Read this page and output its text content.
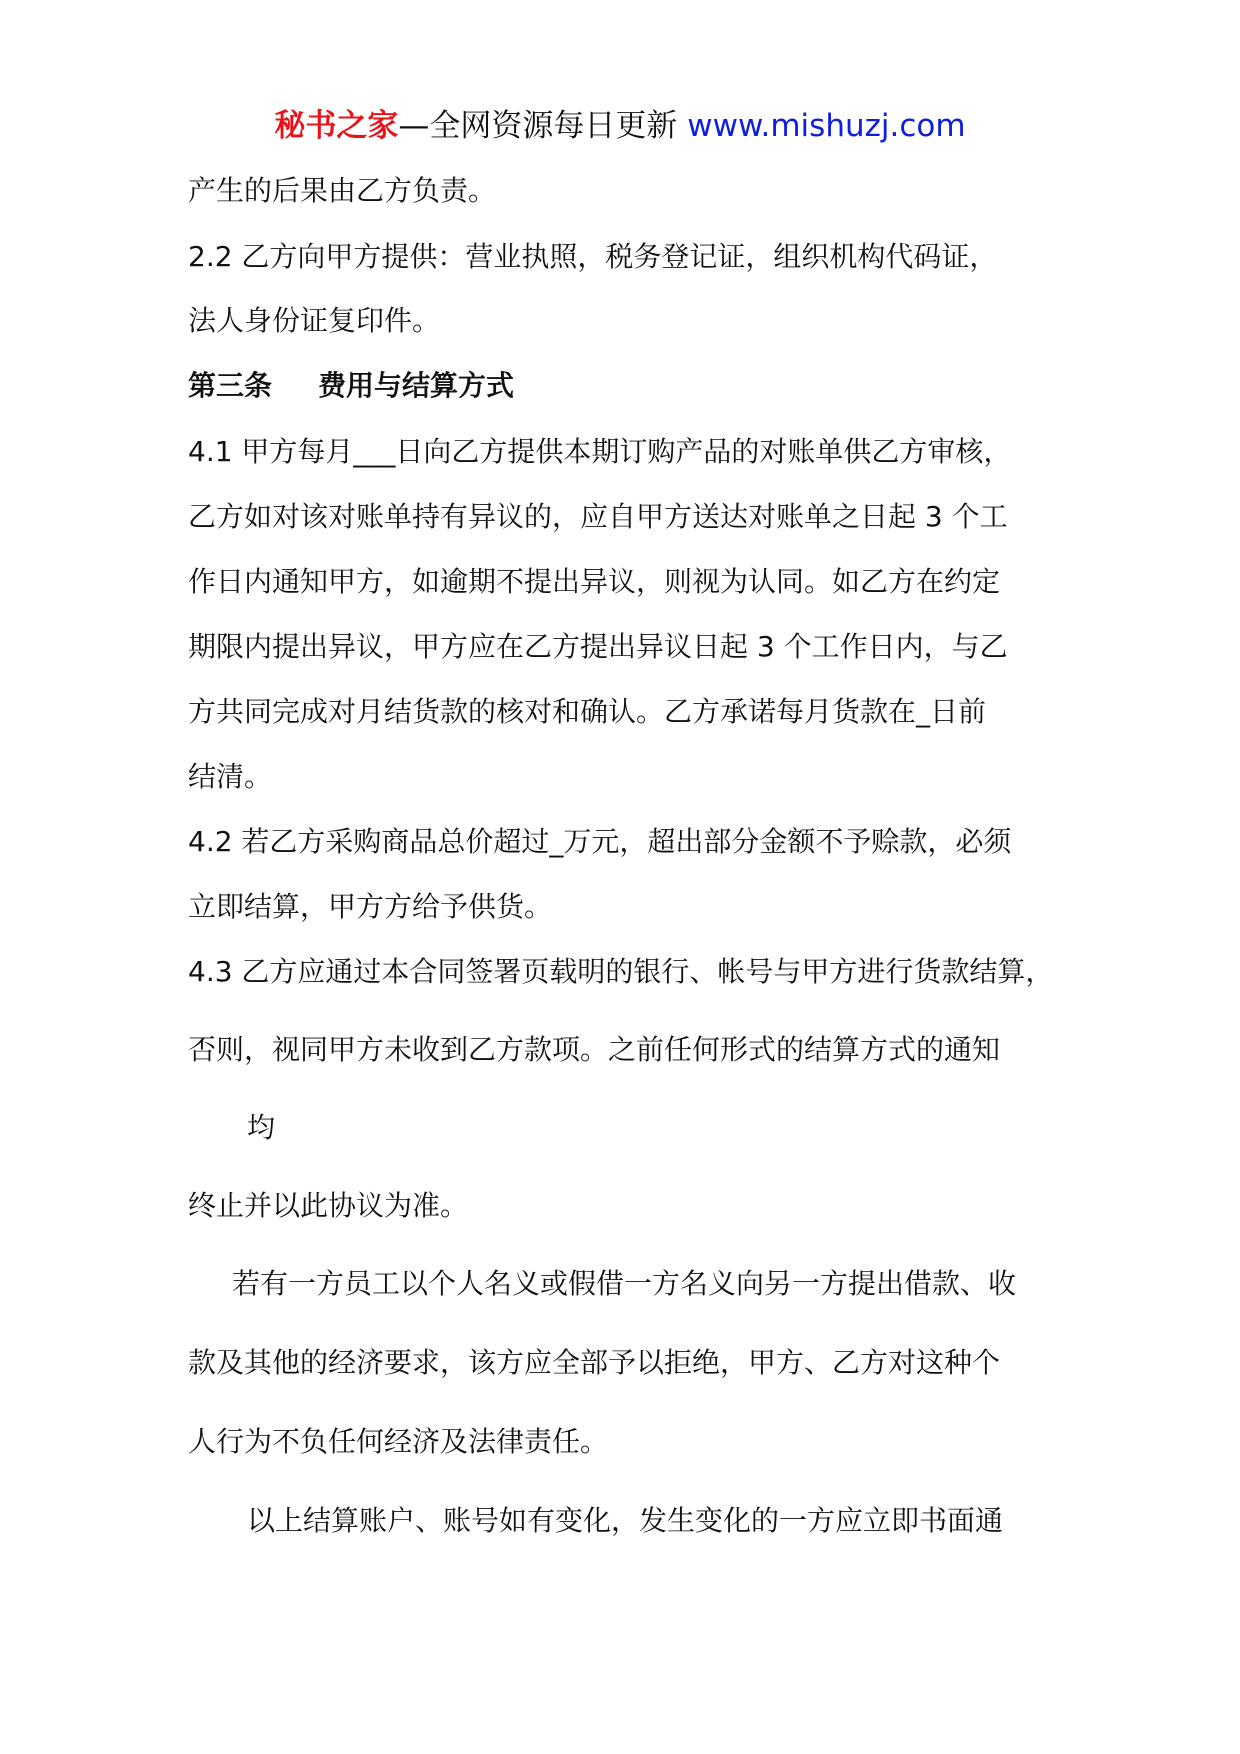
秘书之家—全网资源每日更新 www.mishuzj.com
产生的后果由乙方负责。
2.2 乙方向甲方提供：营业执照，税务登记证，组织机构代码证，
法人身份证复印件。
第三条 费用与结算方式
4.1 甲方每月___日向乙方提供本期订购产品的对账单供乙方审核，
乙方如对该对账单持有异议的，应自甲方送达对账单之日起 3 个工
作日内通知甲方，如逾期不提出异议，则视为认同。如乙方在约定
期限内提出异议，甲方应在乙方提出异议日起 3 个工作日内，与乙
方共同完成对月结货款的核对和确认。乙方承诺每月货款在_日前
结清。
4.2 若乙方采购商品总价超过_万元，超出部分金额不予赊款，必须
立即结算，甲方方给予供货。
4.3 乙方应通过本合同签署页载明的银行、帐号与甲方进行货款结算，
否则，视同甲方未收到乙方款项。之前任何形式的结算方式的通知
均
终止并以此协议为准。
若有一方员工以个人名义或假借一方名义向另一方提出借款、收
款及其他的经济要求，该方应全部予以拒绝，甲方、乙方对这种个
人行为不负任何经济及法律责任。
以上结算账户、账号如有变化，发生变化的一方应立即书面通
